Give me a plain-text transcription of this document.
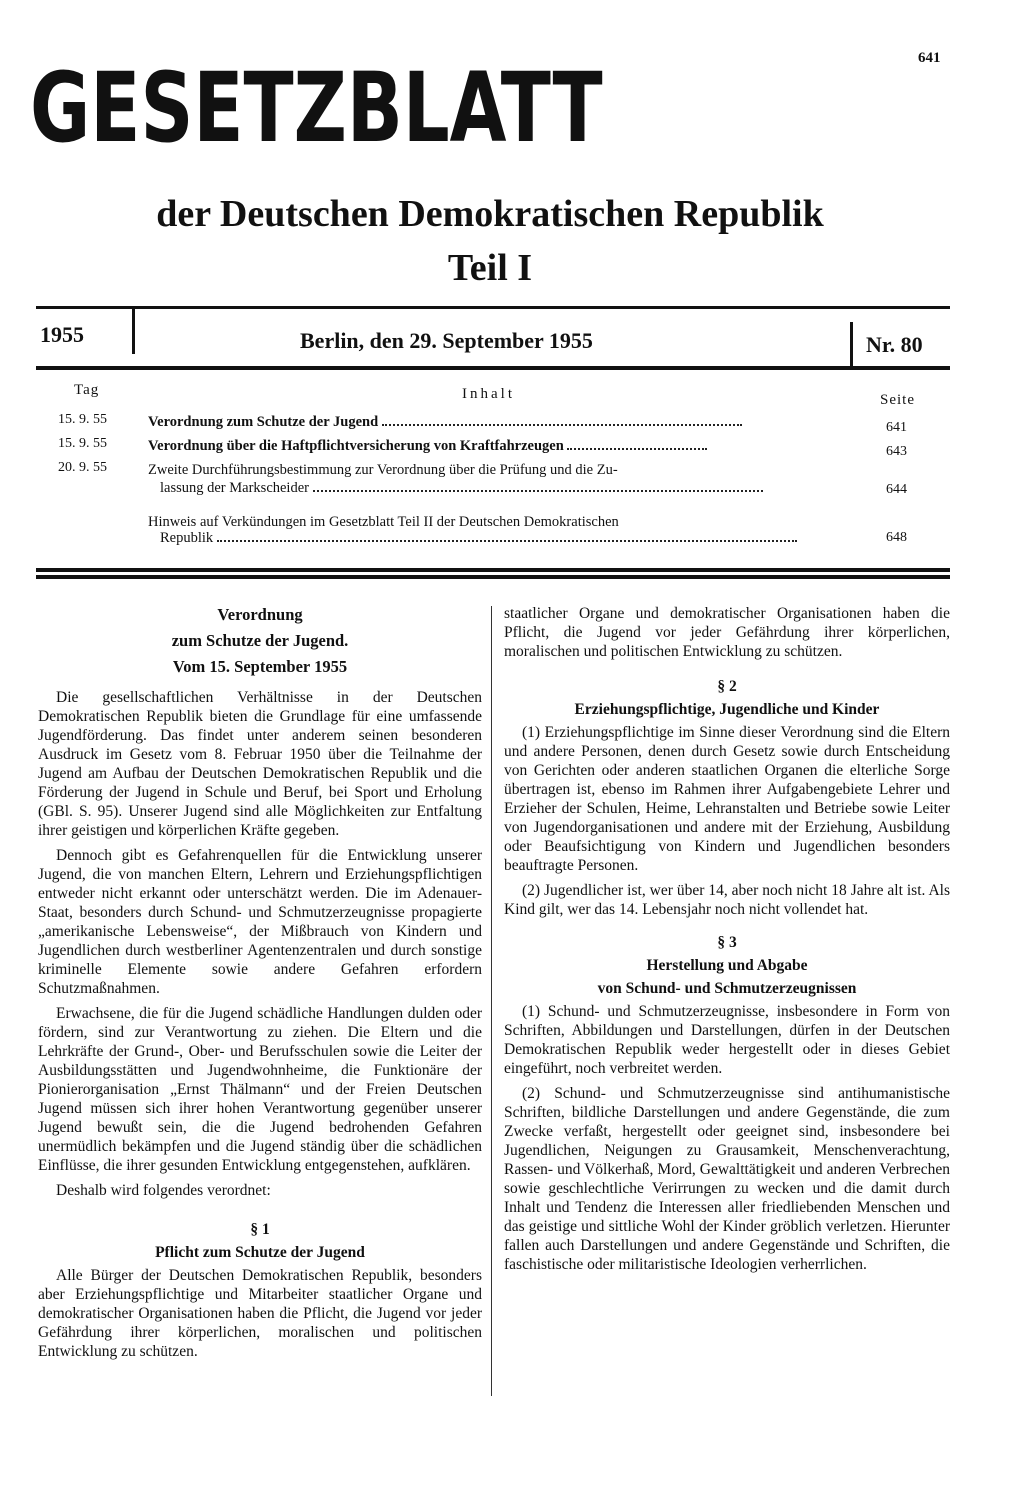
641
GESETZBLATT
der Deutschen Demokratischen Republik
Teil I
1955	Berlin, den 29. September 1955	Nr. 80
Tag	Inhalt	Seite
15. 9. 55	Verordnung zum Schutze der Jugend	641
15. 9. 55	Verordnung über die Haftpflichtversicherung von Kraftfahrzeugen	643
20. 9. 55	Zweite Durchführungsbestimmung zur Verordnung über die Prüfung und die Zu-
lassung der Markscheider	644
Hinweis auf Verkündungen im Gesetzblatt Teil II der Deutschen Demokratischen
Republik	648
Verordnung
zum Schutze der Jugend.
Vom 15. September 1955

Die gesellschaftlichen Verhältnisse in der Deutschen Demokratischen Republik bieten die Grundlage für eine umfassende Jugendförderung. Das findet unter anderem seinen besonderen Ausdruck im Gesetz vom 8. Februar 1950 über die Teilnahme der Jugend am Aufbau der Deutschen Demokratischen Republik und die Förderung der Jugend in Schule und Beruf, bei Sport und Erholung (GBl. S. 95). Unserer Jugend sind alle Möglichkeiten zur Entfaltung ihrer geistigen und körperlichen Kräfte gegeben.

Dennoch gibt es Gefahrenquellen für die Entwicklung unserer Jugend, die von manchen Eltern, Lehrern und Erziehungspflichtigen entweder nicht erkannt oder unterschätzt werden. Die im Adenauer-Staat, besonders durch Schund- und Schmutzerzeugnisse propagierte „amerikanische Lebensweise“, der Mißbrauch von Kindern und Jugendlichen durch westberliner Agentenzentralen und durch sonstige kriminelle Elemente sowie andere Gefahren erfordern Schutzmaßnahmen.

Erwachsene, die für die Jugend schädliche Handlungen dulden oder fördern, sind zur Verantwortung zu ziehen. Die Eltern und die Lehrkräfte der Grund-, Ober- und Berufsschulen sowie die Leiter der Ausbildungsstätten und Jugendwohnheime, die Funktionäre der Pionierorganisation „Ernst Thälmann“ und der Freien Deutschen Jugend müssen sich ihrer hohen Verantwortung gegenüber unserer Jugend bewußt sein, die die Jugend bedrohenden Gefahren unermüdlich bekämpfen und die Jugend ständig über die schädlichen Einflüsse, die ihrer gesunden Entwicklung entgegenstehen, aufklären.

Deshalb wird folgendes verordnet:

§ 1
Pflicht zum Schutze der Jugend

Alle Bürger der Deutschen Demokratischen Republik, besonders aber Erziehungspflichtige und Mitarbeiter staatlicher Organe und demokratischer Organisationen haben die Pflicht, die Jugend vor jeder Gefährdung ihrer körperlichen, moralischen und politischen Entwicklung zu schützen.

staatlicher Organe und demokratischer Organisationen haben die Pflicht, die Jugend vor jeder Gefährdung ihrer körperlichen, moralischen und politischen Entwicklung zu schützen.

§ 2
Erziehungspflichtige, Jugendliche und Kinder

(1) Erziehungspflichtige im Sinne dieser Verordnung sind die Eltern und andere Personen, denen durch Gesetz sowie durch Entscheidung von Gerichten oder anderen staatlichen Organen die elterliche Sorge übertragen ist, ebenso im Rahmen ihrer Aufgabengebiete Lehrer und Erzieher der Schulen, Heime, Lehranstalten und Betriebe sowie Leiter von Jugendorganisationen und andere mit der Erziehung, Ausbildung oder Beaufsichtigung von Kindern und Jugendlichen besonders beauftragte Personen.

(2) Jugendlicher ist, wer über 14, aber noch nicht 18 Jahre alt ist. Als Kind gilt, wer das 14. Lebensjahr noch nicht vollendet hat.

§ 3
Herstellung und Abgabe
von Schund- und Schmutzerzeugnissen

(1) Schund- und Schmutzerzeugnisse, insbesondere in Form von Schriften, Abbildungen und Darstellungen, dürfen in der Deutschen Demokratischen Republik weder hergestellt oder in dieses Gebiet eingeführt, noch verbreitet werden.

(2) Schund- und Schmutzerzeugnisse sind antihumanistische Schriften, bildliche Darstellungen und andere Gegenstände, die zum Zwecke verfaßt, hergestellt oder geeignet sind, insbesondere bei Jugendlichen, Neigungen zu Grausamkeit, Menschenverachtung, Rassen- und Völkerhaß, Mord, Gewalttätigkeit und anderen Verbrechen sowie geschlechtliche Verirrungen zu wecken und die damit durch Inhalt und Tendenz die Interessen aller friedliebenden Menschen und das geistige und sittliche Wohl der Kinder gröblich verletzen. Hierunter fallen auch Darstellungen und andere Gegenstände und Schriften, die faschistische oder militaristische Ideologien verherrlichen.
